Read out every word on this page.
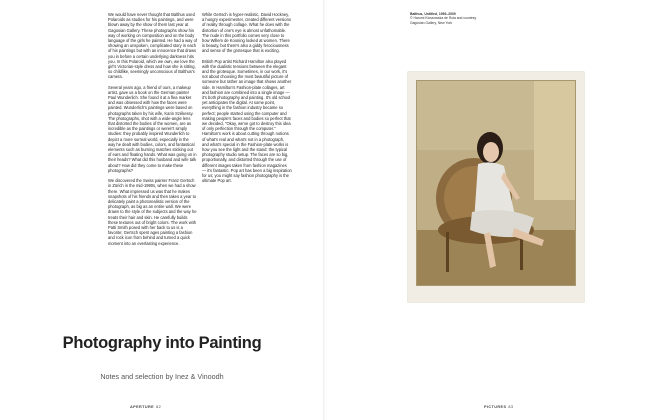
We would have never thought that Balthus used Polaroids as studies for his paintings, and were blown away by the show of them last year at Gagosian Gallery. These photographs show his way of working on composition and on the body language of the girls he painted. He had a way of showing an unspoken, complicated story in each of his paintings but with an innocence that draws you in before a certain underlying darkness hits you. In this Polaroid, which we own, we love the girl's Victorian-style dress and how she is sitting, so childlike, seemingly unconscious of Balthus's camera.

Several years ago, a friend of ours, a makeup artist, gave us a book on the German painter Paul Wunderlich. She found it at a flea market and was obsessed with how the faces were painted. Wunderlich's paintings were based on photographs taken by his wife, Karin Székessy. The photographs, shot with a wide-angle lens that distorted the bodies of the women, are as incredible as the paintings or weren't simply studies: they probably inspired Wunderlich to depict a more surreal world, especially in the way he dealt with bodies, colors, and fantastical elements such as burning matches sticking out of ears and floating hands. What was going on in their heads? What did this husband and wife talk about? How did they come to make these photographs?

We discovered the Swiss painter Franz Gertsch in Zürich in the mid-1990s, when we had a show there. What impressed us was that he makes snapshots of his friends and then takes a year to delicately paint a photorealistic version of the photograph, as big as an entire wall. We were drawn to the style of the subjects and the way he treats their hair and skin. He carefully builds these textures out of bright colors. The work with Patti Smith posed with her back to us is a favorite; Gertsch spent ages painting a fashion and rock icon from behind and turned a quick moment into an everlasting experience.

While Gertsch is hyper-realistic, David Hockney, a hungry experimenter, created different versions of reality through collage. What he does with the distortion of one's eye is almost unfathomable. The nude in this portfolio comes very close to how Willem de Kooning looked at women. There is beauty, but there's also a giddy ferociousness and sense of the grotesque that is exciting.

British Pop artist Richard Hamilton also played with the dualistic tensions between the elegant and the grotesque. Sometimes, in our work, it's not about choosing the most beautiful picture of someone but rather an image that shows another side. In Hamilton's Fashion-plate collages, art and fashion are combined into a single image — it's both photography and painting. It's old school yet anticipates the digital. At some point, everything in the fashion industry became so perfect; people started using the computer and making people's faces and bodies so perfect that we decided, "Okay, we've got to destroy this idea of only perfection through the computer." Hamilton's work is about cutting through notions of what's real and what's not in a photograph, and what's special in the Fashion-plate works is how you see the light and the stand: the typical photography studio setup. The faces are so big, proportionally, and distorted through the use of different images taken from fashion magazines — it's fantastic. Pop art has been a big inspiration for us; you might say fashion photography is the ultimate Pop art.

Balthus, Untitled, 1993–2000
© Harumi Klossowska de Rola and courtesy Gagosian Gallery, New York
Photography into Painting
Notes and selection by Inez & Vinoodh
APERTURE 82	PICTURES 83
